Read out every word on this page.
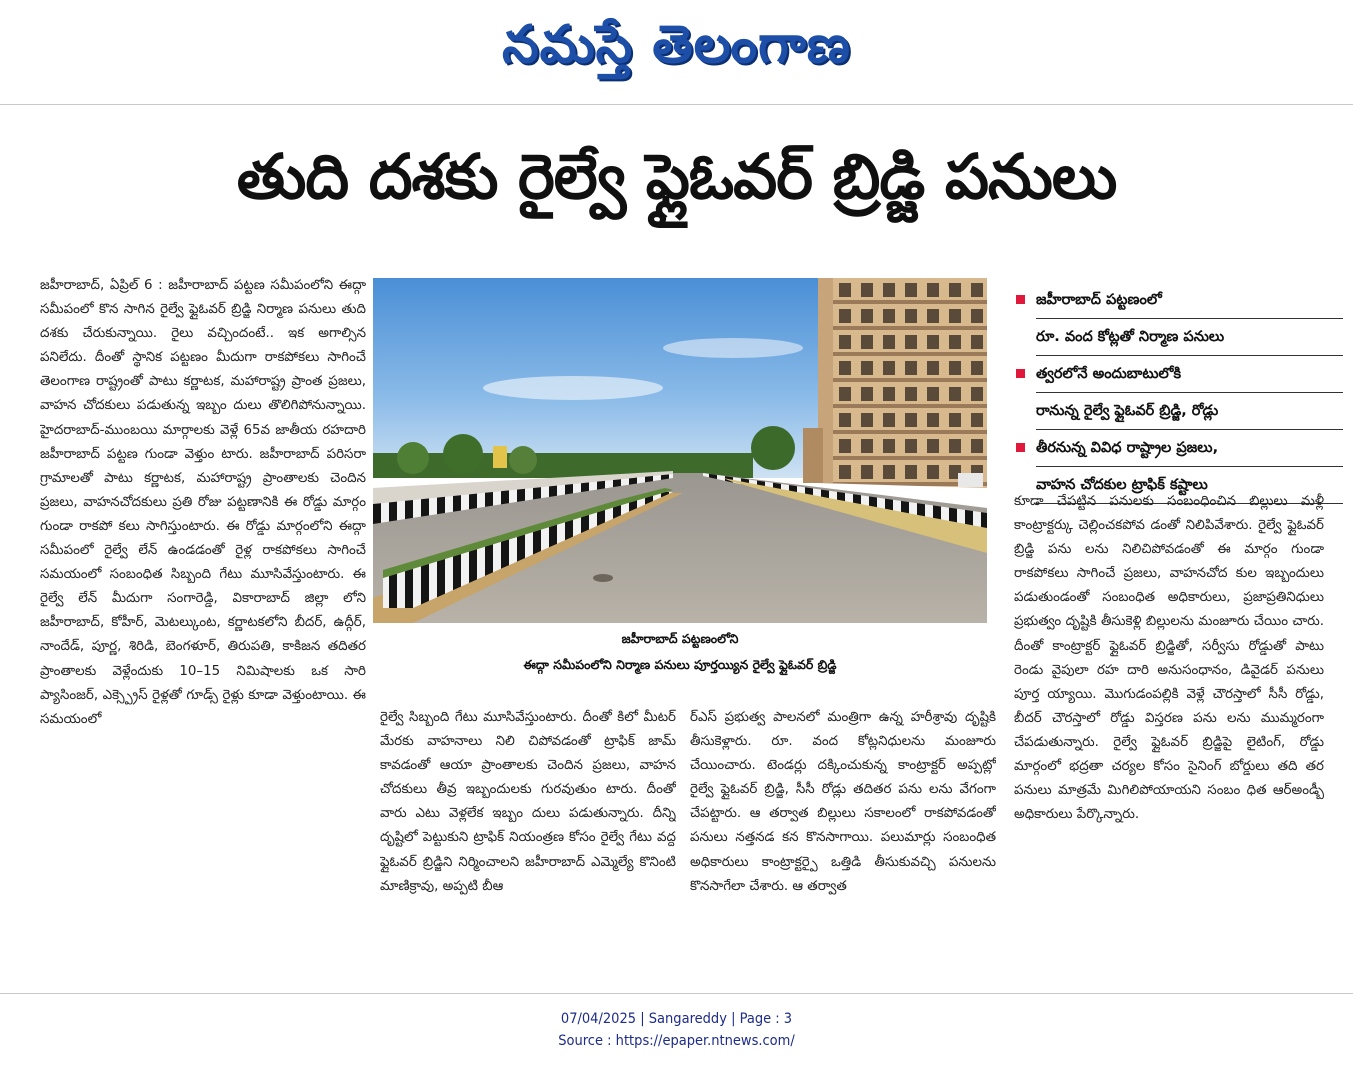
నమస్తే తెలంగాణ
తుది దశకు రైల్వే ఫ్లైఓవర్ బ్రిడ్జి పనులు

జహీరాబాద్, ఏప్రిల్ 6 : జహీరాబాద్ పట్టణ సమీపంలోని ఈద్గా సమీపంలో కొన సాగిన రైల్వే ఫ్లైఓవర్ బ్రిడ్జి నిర్మాణ పనులు తుది దశకు చేరుకున్నాయి. రైలు వచ్చిందంటే.. ఇక అగాల్సిన పనిలేదు. దీంతో స్థానిక పట్టణం మీదుగా రాకపోకలు సాగించే తెలంగాణ రాష్ట్రంతో పాటు కర్ణాటక, మహారాష్ట్ర ప్రాంత ప్రజలు, వాహన చోదకులు పడుతున్న ఇబ్బం దులు తొలిగిపోనున్నాయి. హైదరాబాద్-ముంబయి మార్గాలకు వెళ్లే 65వ జాతీయ రహదారి జహీరాబాద్ పట్టణ గుండా వెళ్తుం టారు. జహీరాబాద్ పరిసరా గ్రామాలతో పాటు కర్ణాటక, మహారాష్ట్ర ప్రాంతాలకు చెందిన ప్రజలు, వాహనచోదకులు ప్రతి రోజు పట్టణానికి ఈ రోడ్డు మార్గం గుండా రాకపో కలు సాగిస్తుంటారు. ఈ రోడ్డు మార్గంలోని ఈద్గా సమీపంలో రైల్వే లేన్ ఉండడంతో రైళ్ల రాకపోకలు సాగించే సమయంలో సంబంధిత సిబ్బంది గేటు మూసివేస్తుంటారు. ఈ రైల్వే లేన్ మీదుగా సంగారెడ్డి, వికారాబాద్ జిల్లా లోని జహీరాబాద్, కోహీర్, మెటల్కుంట, కర్ణాటకలోని బీదర్, ఉద్గీర్, నాందేడ్, పూర్ణ, శిరిడి, బెంగళూర్, తిరుపతి, కాకిజన తదితర ప్రాంతాలకు వెళ్లేందుకు 10–15 నిమిషాలకు ఒక సారి ప్యాసింజర్, ఎక్స్ప్రెస్ రైళ్లతో గూడ్స్ రైళ్లు కూడా వెళ్తుంటాయి. ఈ సమయంలో

జహీరాబాద్ పట్టణంలోని
ఈద్గా సమీపంలోని నిర్మాణ పనులు పూర్తయ్యిన రైల్వే ఫ్లైఓవర్ బ్రిడ్జి
జహీరాబాద్ పట్టణంలో
రూ. వంద కోట్లతో నిర్మాణ పనులు
త్వరలోనే అందుబాటులోకి
రానున్న రైల్వే ఫ్లైఓవర్ బ్రిడ్జి, రోడ్లు
తీరనున్న వివిధ రాష్ట్రాల ప్రజలు,
వాహన చోదకుల ట్రాఫిక్ కష్టాలు

రైల్వే సిబ్బంది గేటు మూసివేస్తుంటారు. దీంతో కిలో మీటర్ మేరకు వాహనాలు నిలి చిపోవడంతో ట్రాఫిక్ జామ్ కావడంతో ఆయా ప్రాంతాలకు చెందిన ప్రజలు, వాహన చోదకులు తీవ్ర ఇబ్బందులకు గురవుతుం టారు. దీంతో వారు ఎటు వెళ్లలేక ఇబ్బం దులు పడుతున్నారు. దీన్ని దృష్టిలో పెట్టుకుని ట్రాఫిక్ నియంత్రణ కోసం రైల్వే గేటు వద్ద ఫ్లైఓవర్ బ్రిడ్జిని నిర్మించాలని జహీరాబాద్ ఎమ్మెల్యే కొనింటి మాణిక్రావు, అప్పటి బీఆ

ర్ఎస్ ప్రభుత్వ పాలనలో మంత్రిగా ఉన్న హరీశ్రావు దృష్టికి తీసుకెళ్లారు. రూ. వంద కోట్లనిధులను మంజూరు చేయించారు. టెండర్లు దక్కించుకున్న కాంట్రాక్టర్ అప్పట్లో రైల్వే ఫ్లైఓవర్ బ్రిడ్జి, సీసీ రోడ్లు తదితర పను లను వేగంగా చేపట్టారు. ఆ తర్వాత బిల్లులు సకాలంలో రాకపోవడంతో పనులు నత్తనడ కన కొనసాగాయి. పలుమార్లు సంబంధిత అధికారులు కాంట్రాక్టర్పై ఒత్తిడి తీసుకువచ్చి పనులను కొనసాగేలా చేశారు. ఆ తర్వాత

కూడా చేపట్టిన పనులకు సంబంధించిన బిల్లులు మళ్లీ కాంట్రాక్టర్కు చెల్లించకపోవ డంతో నిలిపివేశారు. రైల్వే ఫ్లైఓవర్ బ్రిడ్జి పను లను నిలిచిపోవడంతో ఈ మార్గం గుండా రాకపోకలు సాగించే ప్రజలు, వాహనచోద కుల ఇబ్బందులు పడుతుండంతో సంబంధిత అధికారులు, ప్రజాప్రతినిధులు ప్రభుత్వం దృష్టికి తీసుకెళ్లి బిల్లులను మంజూరు చేయిం చారు. దీంతో కాంట్రాక్టర్ ఫ్లైఓవర్ బ్రిడ్జితో, సర్వీసు రోడ్డుతో పాటు రెండు వైపులా రహ దారి అనుసంధానం, డివైడర్ పనులు పూర్త య్యాయి. మొగుడంపల్లికి వెళ్లే చౌరస్తాలో సీసీ రోడ్డు, బీదర్ చౌరస్తాలో రోడ్డు విస్తరణ పను లను ముమ్మరంగా చేపడుతున్నారు. రైల్వే ఫ్లైఓవర్ బ్రిడ్జిపై లైటింగ్, రోడ్డు మార్గంలో భద్రతా చర్యల కోసం సైనింగ్ బోర్డులు తది తర పనులు మాత్రమే మిగిలిపోయాయని సంబం ధిత ఆర్అండ్బీ అధికారులు పేర్కొన్నారు.

07/04/2025 | Sangareddy | Page : 3
Source : https://epaper.ntnews.com/
